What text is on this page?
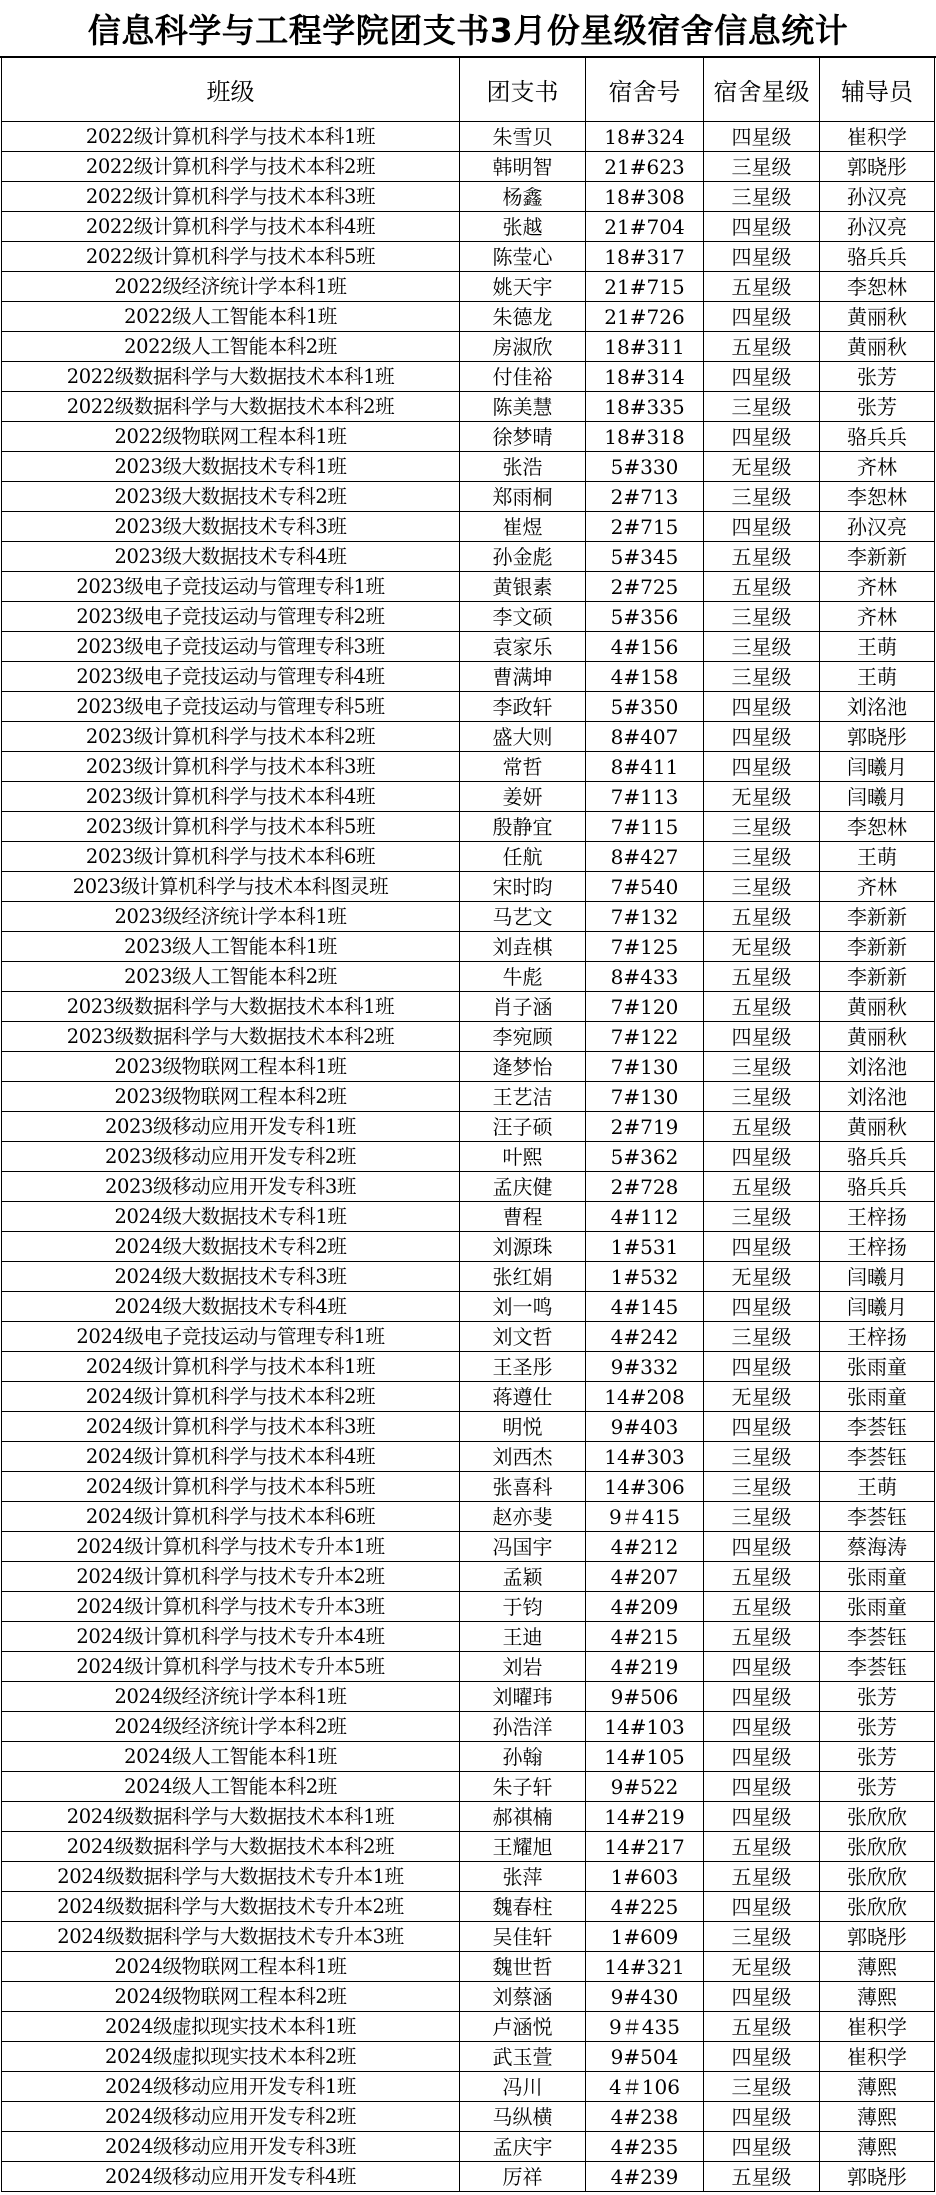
信息科学与工程学院团支书3月份星级宿舍信息统计
班级	团支书	宿舍号	宿舍星级	辅导员
2022级计算机科学与技术本科1班	朱雪贝	18#324	四星级	崔积学
2022级计算机科学与技术本科2班	韩明智	21#623	三星级	郭晓彤
2022级计算机科学与技术本科3班	杨鑫	18#308	三星级	孙汉亮
2022级计算机科学与技术本科4班	张越	21#704	四星级	孙汉亮
2022级计算机科学与技术本科5班	陈莹心	18#317	四星级	骆兵兵
2022级经济统计学本科1班	姚天宇	21#715	五星级	李恕林
2022级人工智能本科1班	朱德龙	21#726	四星级	黄丽秋
2022级人工智能本科2班	房淑欣	18#311	五星级	黄丽秋
2022级数据科学与大数据技术本科1班	付佳裕	18#314	四星级	张芳
2022级数据科学与大数据技术本科2班	陈美慧	18#335	三星级	张芳
2022级物联网工程本科1班	徐梦晴	18#318	四星级	骆兵兵
2023级大数据技术专科1班	张浩	5#330	无星级	齐林
2023级大数据技术专科2班	郑雨桐	2#713	三星级	李恕林
2023级大数据技术专科3班	崔煜	2#715	四星级	孙汉亮
2023级大数据技术专科4班	孙金彪	5#345	五星级	李新新
2023级电子竞技运动与管理专科1班	黄银素	2#725	五星级	齐林
2023级电子竞技运动与管理专科2班	李文硕	5#356	三星级	齐林
2023级电子竞技运动与管理专科3班	袁家乐	4#156	三星级	王萌
2023级电子竞技运动与管理专科4班	曹满坤	4#158	三星级	王萌
2023级电子竞技运动与管理专科5班	李政轩	5#350	四星级	刘洺池
2023级计算机科学与技术本科2班	盛大则	8#407	四星级	郭晓彤
2023级计算机科学与技术本科3班	常哲	8#411	四星级	闫曦月
2023级计算机科学与技术本科4班	姜妍	7#113	无星级	闫曦月
2023级计算机科学与技术本科5班	殷静宜	7#115	三星级	李恕林
2023级计算机科学与技术本科6班	任航	8#427	三星级	王萌
2023级计算机科学与技术本科图灵班	宋时昀	7#540	三星级	齐林
2023级经济统计学本科1班	马艺文	7#132	五星级	李新新
2023级人工智能本科1班	刘垚棋	7#125	无星级	李新新
2023级人工智能本科2班	牛彪	8#433	五星级	李新新
2023级数据科学与大数据技术本科1班	肖子涵	7#120	五星级	黄丽秋
2023级数据科学与大数据技术本科2班	李宛顾	7#122	四星级	黄丽秋
2023级物联网工程本科1班	逄梦怡	7#130	三星级	刘洺池
2023级物联网工程本科2班	王艺洁	7#130	三星级	刘洺池
2023级移动应用开发专科1班	汪子硕	2#719	五星级	黄丽秋
2023级移动应用开发专科2班	叶熙	5#362	四星级	骆兵兵
2023级移动应用开发专科3班	孟庆健	2#728	五星级	骆兵兵
2024级大数据技术专科1班	曹程	4#112	三星级	王梓扬
2024级大数据技术专科2班	刘源珠	1#531	四星级	王梓扬
2024级大数据技术专科3班	张红娟	1#532	无星级	闫曦月
2024级大数据技术专科4班	刘一鸣	4#145	四星级	闫曦月
2024级电子竞技运动与管理专科1班	刘文哲	4#242	三星级	王梓扬
2024级计算机科学与技术本科1班	王圣彤	9#332	四星级	张雨童
2024级计算机科学与技术本科2班	蒋遵仕	14#208	无星级	张雨童
2024级计算机科学与技术本科3班	明悦	9#403	四星级	李荟钰
2024级计算机科学与技术本科4班	刘西杰	14#303	三星级	李荟钰
2024级计算机科学与技术本科5班	张喜科	14#306	三星级	王萌
2024级计算机科学与技术本科6班	赵亦斐	9＃415	三星级	李荟钰
2024级计算机科学与技术专升本1班	冯国宇	4#212	四星级	蔡海涛
2024级计算机科学与技术专升本2班	孟颖	4#207	五星级	张雨童
2024级计算机科学与技术专升本3班	于钧	4#209	五星级	张雨童
2024级计算机科学与技术专升本4班	王迪	4#215	五星级	李荟钰
2024级计算机科学与技术专升本5班	刘岩	4#219	四星级	李荟钰
2024级经济统计学本科1班	刘曜玮	9#506	四星级	张芳
2024级经济统计学本科2班	孙浩洋	14#103	四星级	张芳
2024级人工智能本科1班	孙翰	14#105	四星级	张芳
2024级人工智能本科2班	朱子轩	9#522	四星级	张芳
2024级数据科学与大数据技术本科1班	郝祺楠	14#219	四星级	张欣欣
2024级数据科学与大数据技术本科2班	王耀旭	14#217	五星级	张欣欣
2024级数据科学与大数据技术专升本1班	张萍	1#603	五星级	张欣欣
2024级数据科学与大数据技术专升本2班	魏春柱	4#225	四星级	张欣欣
2024级数据科学与大数据技术专升本3班	吴佳轩	1#609	三星级	郭晓彤
2024级物联网工程本科1班	魏世哲	14#321	无星级	薄熙
2024级物联网工程本科2班	刘蔡涵	9#430	四星级	薄熙
2024级虚拟现实技术本科1班	卢涵悦	9＃435	五星级	崔积学
2024级虚拟现实技术本科2班	武玉萱	9#504	四星级	崔积学
2024级移动应用开发专科1班	冯川	4＃106	三星级	薄熙
2024级移动应用开发专科2班	马纵横	4#238	四星级	薄熙
2024级移动应用开发专科3班	孟庆宇	4#235	四星级	薄熙
2024级移动应用开发专科4班	厉祥	4#239	五星级	郭晓彤
